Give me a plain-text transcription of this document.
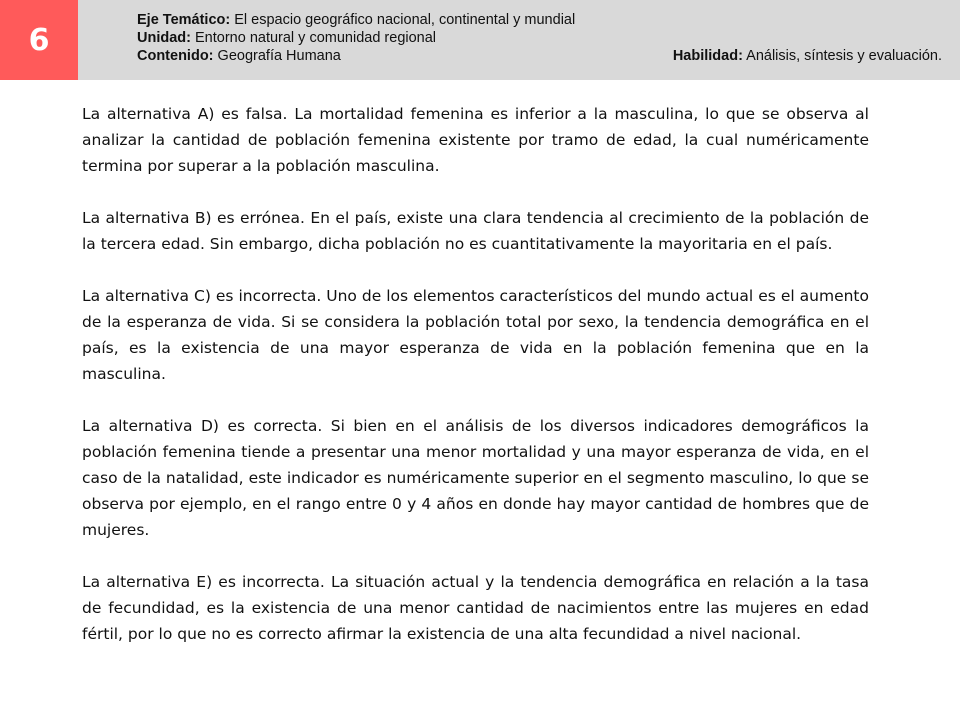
6
Eje Temático: El espacio geográfico nacional, continental y mundial
Unidad: Entorno natural y comunidad regional
Contenido: Geografía Humana	Habilidad: Análisis, síntesis y evaluación.

La alternativa A) es falsa. La mortalidad femenina es inferior a la masculina, lo que se observa al analizar la cantidad de población femenina existente por tramo de edad, la cual numéricamente termina por superar a la población masculina.

La alternativa B) es errónea. En el país, existe una clara tendencia al crecimiento de la población de la tercera edad. Sin embargo, dicha población no es cuantitativamente la mayoritaria en el país.

La alternativa C) es incorrecta. Uno de los elementos característicos del mundo actual es el aumento de la esperanza de vida. Si se considera la población total por sexo, la tendencia demográfica en el país, es la existencia de una mayor esperanza de vida en la población femenina que en la masculina.

La alternativa D) es correcta. Si bien en el análisis de los diversos indicadores demográficos la población femenina tiende a presentar una menor mortalidad y una mayor esperanza de vida, en el caso de la natalidad, este indicador es numéricamente superior en el segmento masculino, lo que se observa por ejemplo, en el rango entre 0 y 4 años en donde hay mayor cantidad de hombres que de mujeres.

La alternativa E) es incorrecta. La situación actual y la tendencia demográfica en relación a la tasa de fecundidad, es la existencia de una menor cantidad de nacimientos entre las mujeres en edad fértil, por lo que no es correcto afirmar la existencia de una alta fecundidad a nivel nacional.
